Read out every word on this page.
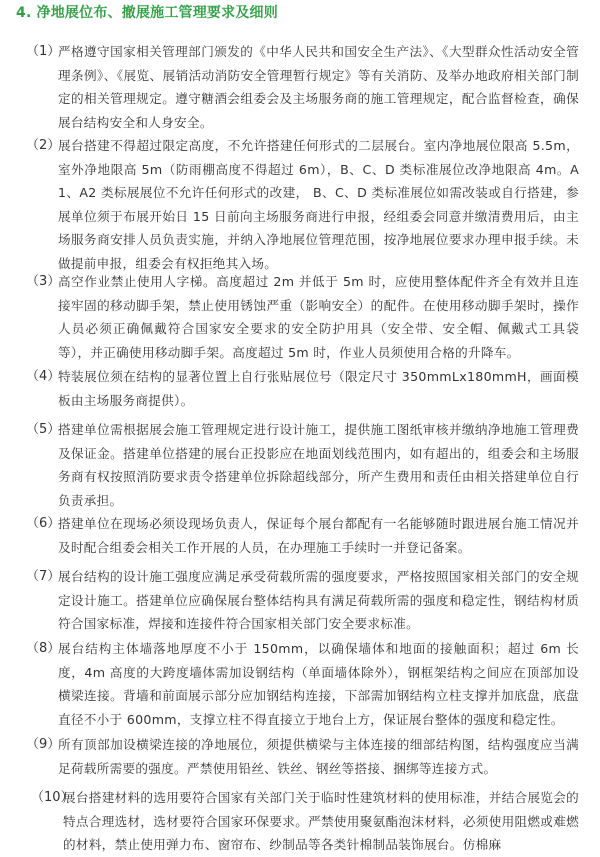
4. 净地展位布、撤展施工管理要求及细则
（1）

严格遵守国家相关管理部门颁发的《中华人民共和国安全生产法》、《大型群众性活动安全管理条例》、《展览、展销活动消防安全管理暂行规定》等有关消防、及举办地政府相关部门制定的相关管理规定。遵守糖酒会组委会及主场服务商的施工管理规定，配合监督检查，确保展台结构安全和人身安全。

（2）

展台搭建不得超过限定高度，不允许搭建任何形式的二层展台。室内净地展位限高 5.5m，室外净地限高 5m（防雨棚高度不得超过 6m），B、C、D 类标准展位改净地限高 4m。A1、A2 类标展展位不允许任何形式的改建， B、C、D 类标准展位如需改装或自行搭建，参展单位须于布展开始日 15 日前向主场服务商进行申报，经组委会同意并缴清费用后，由主场服务商安排人员负责实施，并纳入净地展位管理范围，按净地展位要求办理申报手续。未做提前申报，组委会有权拒绝其入场。

（3）

高空作业禁止使用人字梯。高度超过 2m 并低于 5m 时，应使用整体配件齐全有效并且连接牢固的移动脚手架，禁止使用锈蚀严重（影响安全）的配件。在使用移动脚手架时，操作人员必须正确佩戴符合国家安全要求的安全防护用具（安全带、安全帽、佩戴式工具袋等），并正确使用移动脚手架。高度超过 5m 时，作业人员须使用合格的升降车。

（4）

特装展位须在结构的显著位置上自行张贴展位号（限定尺寸 350mmLx180mmH，画面模板由主场服务商提供）。

（5）

搭建单位需根据展会施工管理规定进行设计施工，提供施工图纸审核并缴纳净地施工管理费及保证金。搭建单位搭建的展台正投影应在地面划线范围内，如有超出的，组委会和主场服务商有权按照消防要求责令搭建单位拆除超线部分，所产生费用和责任由相关搭建单位自行负责承担。

（6）

搭建单位在现场必须设现场负责人，保证每个展台都配有一名能够随时跟进展台施工情况并及时配合组委会相关工作开展的人员，在办理施工手续时一并登记备案。

（7）

展台结构的设计施工强度应满足承受荷载所需的强度要求，严格按照国家相关部门的安全规定设计施工。搭建单位应确保展台整体结构具有满足荷载所需的强度和稳定性，钢结构材质符合国家标准，焊接和连接件符合国家相关部门安全要求标准。

（8）

展台结构主体墙落地厚度不小于 150mm，以确保墙体和地面的接触面积；超过 6m 长度，4m 高度的大跨度墙体需加设钢结构（单面墙体除外），钢框架结构之间应在顶部加设横梁连接。背墙和前面展示部分应加钢结构连接，下部需加钢结构立柱支撑并加底盘，底盘直径不小于 600mm，支撑立柱不得直接立于地台上方，保证展台整体的强度和稳定性。

（9）

所有顶部加设横梁连接的净地展位，须提供横梁与主体连接的细部结构图，结构强度应当满足荷载所需要的强度。严禁使用铅丝、铁丝、钢丝等搭接、捆绑等连接方式。

（10）

展台搭建材料的选用要符合国家有关部门关于临时性建筑材料的使用标准，并结合展览会的特点合理选材，选材要符合国家环保要求。严禁使用聚氨酯泡沫材料，必须使用阻燃或难燃的材料，禁止使用弹力布、窗帘布、纱制品等各类针棉制品装饰展台。仿棉麻
